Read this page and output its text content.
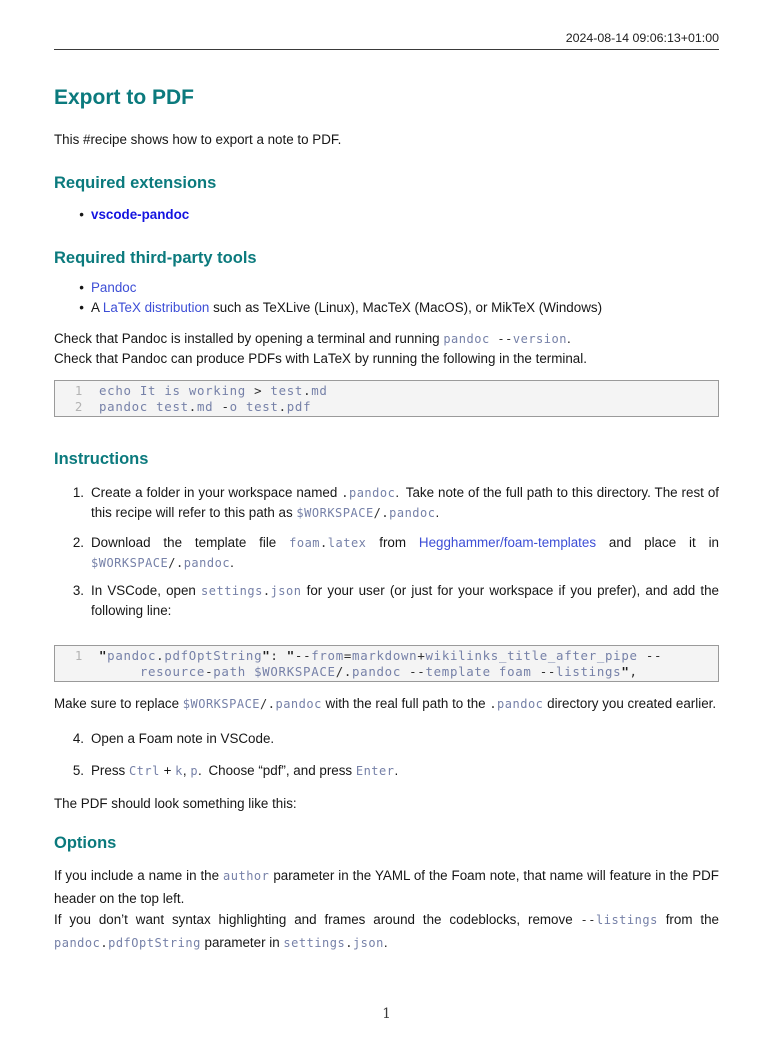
2024-08-14 09:06:13+01:00
Export to PDF

This #recipe shows how to export a note to PDF.

Required extensions
• vscode-pandoc
Required third-party tools
• Pandoc
• A LaTeX distribution such as TeXLive (Linux), MacTeX (MacOS), or MikTeX (Windows)

Check that Pandoc is installed by opening a terminal and running pandoc --version.
Check that Pandoc can produce PDFs with LaTeX by running the following in the terminal.

1 echo It is working > test.md
2 pandoc test.md -o test.pdf
Instructions
1. Create a folder in your workspace named .pandoc. Take note of the full path to this directory. The rest of this recipe will refer to this path as $WORKSPACE/.pandoc.
2. Download the template file foam.latex from Hegghammer/foam-templates and place it in $WORKSPACE/.pandoc.
3. In VSCode, open settings.json for your user (or just for your workspace if you prefer), and add the following line:
1 "pandoc.pdfOptString": "--from=markdown+wikilinks_title_after_pipe --
resource-path $WORKSPACE/.pandoc --template foam --listings",

Make sure to replace $WORKSPACE/.pandoc with the real full path to the .pandoc directory you created earlier.

4. Open a Foam note in VSCode.
5. Press Ctrl + k, p. Choose “pdf”, and press Enter.

The PDF should look something like this:

Options

If you include a name in the author parameter in the YAML of the Foam note, that name will feature in the PDF header on the top left.
If you don’t want syntax highlighting and frames around the codeblocks, remove --listings from the pandoc.pdfOptString parameter in settings.json.

1
